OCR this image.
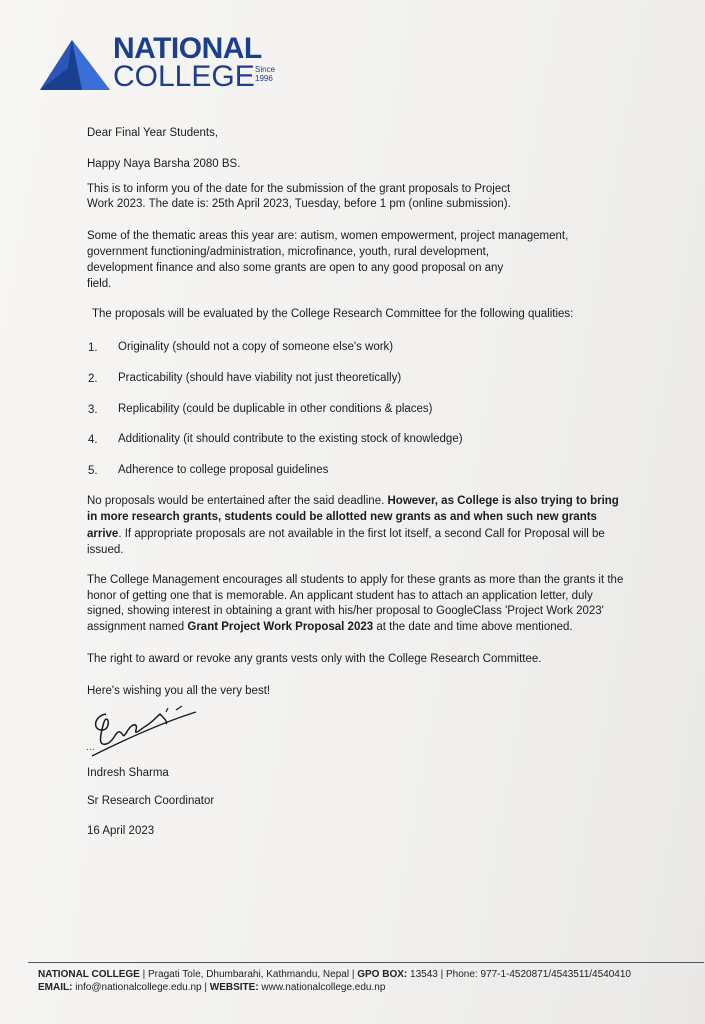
NATIONAL
COLLEGE Since
1996
Dear Final Year Students,
Happy Naya Barsha 2080 BS.
This is to inform you of the date for the submission of the grant proposals to Project
Work 2023. The date is: 25th April 2023, Tuesday, before 1 pm (online submission).
Some of the thematic areas this year are: autism, women empowerment, project management,
government functioning/administration, microfinance, youth, rural development,
development finance and also some grants are open to any good proposal on any
field.
The proposals will be evaluated by the College Research Committee for the following qualities:
1. Originality (should not a copy of someone else's work)
2. Practicability (should have viability not just theoretically)
3. Replicability (could be duplicable in other conditions & places)
4. Additionality (it should contribute to the existing stock of knowledge)
5. Adherence to college proposal guidelines
No proposals would be entertained after the said deadline. However, as College is also trying to bring
in more research grants, students could be allotted new grants as and when such new grants
arrive. If appropriate proposals are not available in the first lot itself, a second Call for Proposal will be
issued.
The College Management encourages all students to apply for these grants as more than the grants it the
honor of getting one that is memorable. An applicant student has to attach an application letter, duly
signed, showing interest in obtaining a grant with his/her proposal to GoogleClass 'Project Work 2023'
assignment named Grant Project Work Proposal 2023 at the date and time above mentioned.
The right to award or revoke any grants vests only with the College Research Committee.
Here's wishing you all the very best!
...
Indresh Sharma
Sr Research Coordinator
16 April 2023
NATIONAL COLLEGE | Pragati Tole, Dhumbarahi, Kathmandu, Nepal | GPO BOX: 13543 | Phone: 977-1-4520871/4543511/4540410
EMAIL: info@nationalcollege.edu.np | WEBSITE: www.nationalcollege.edu.np
